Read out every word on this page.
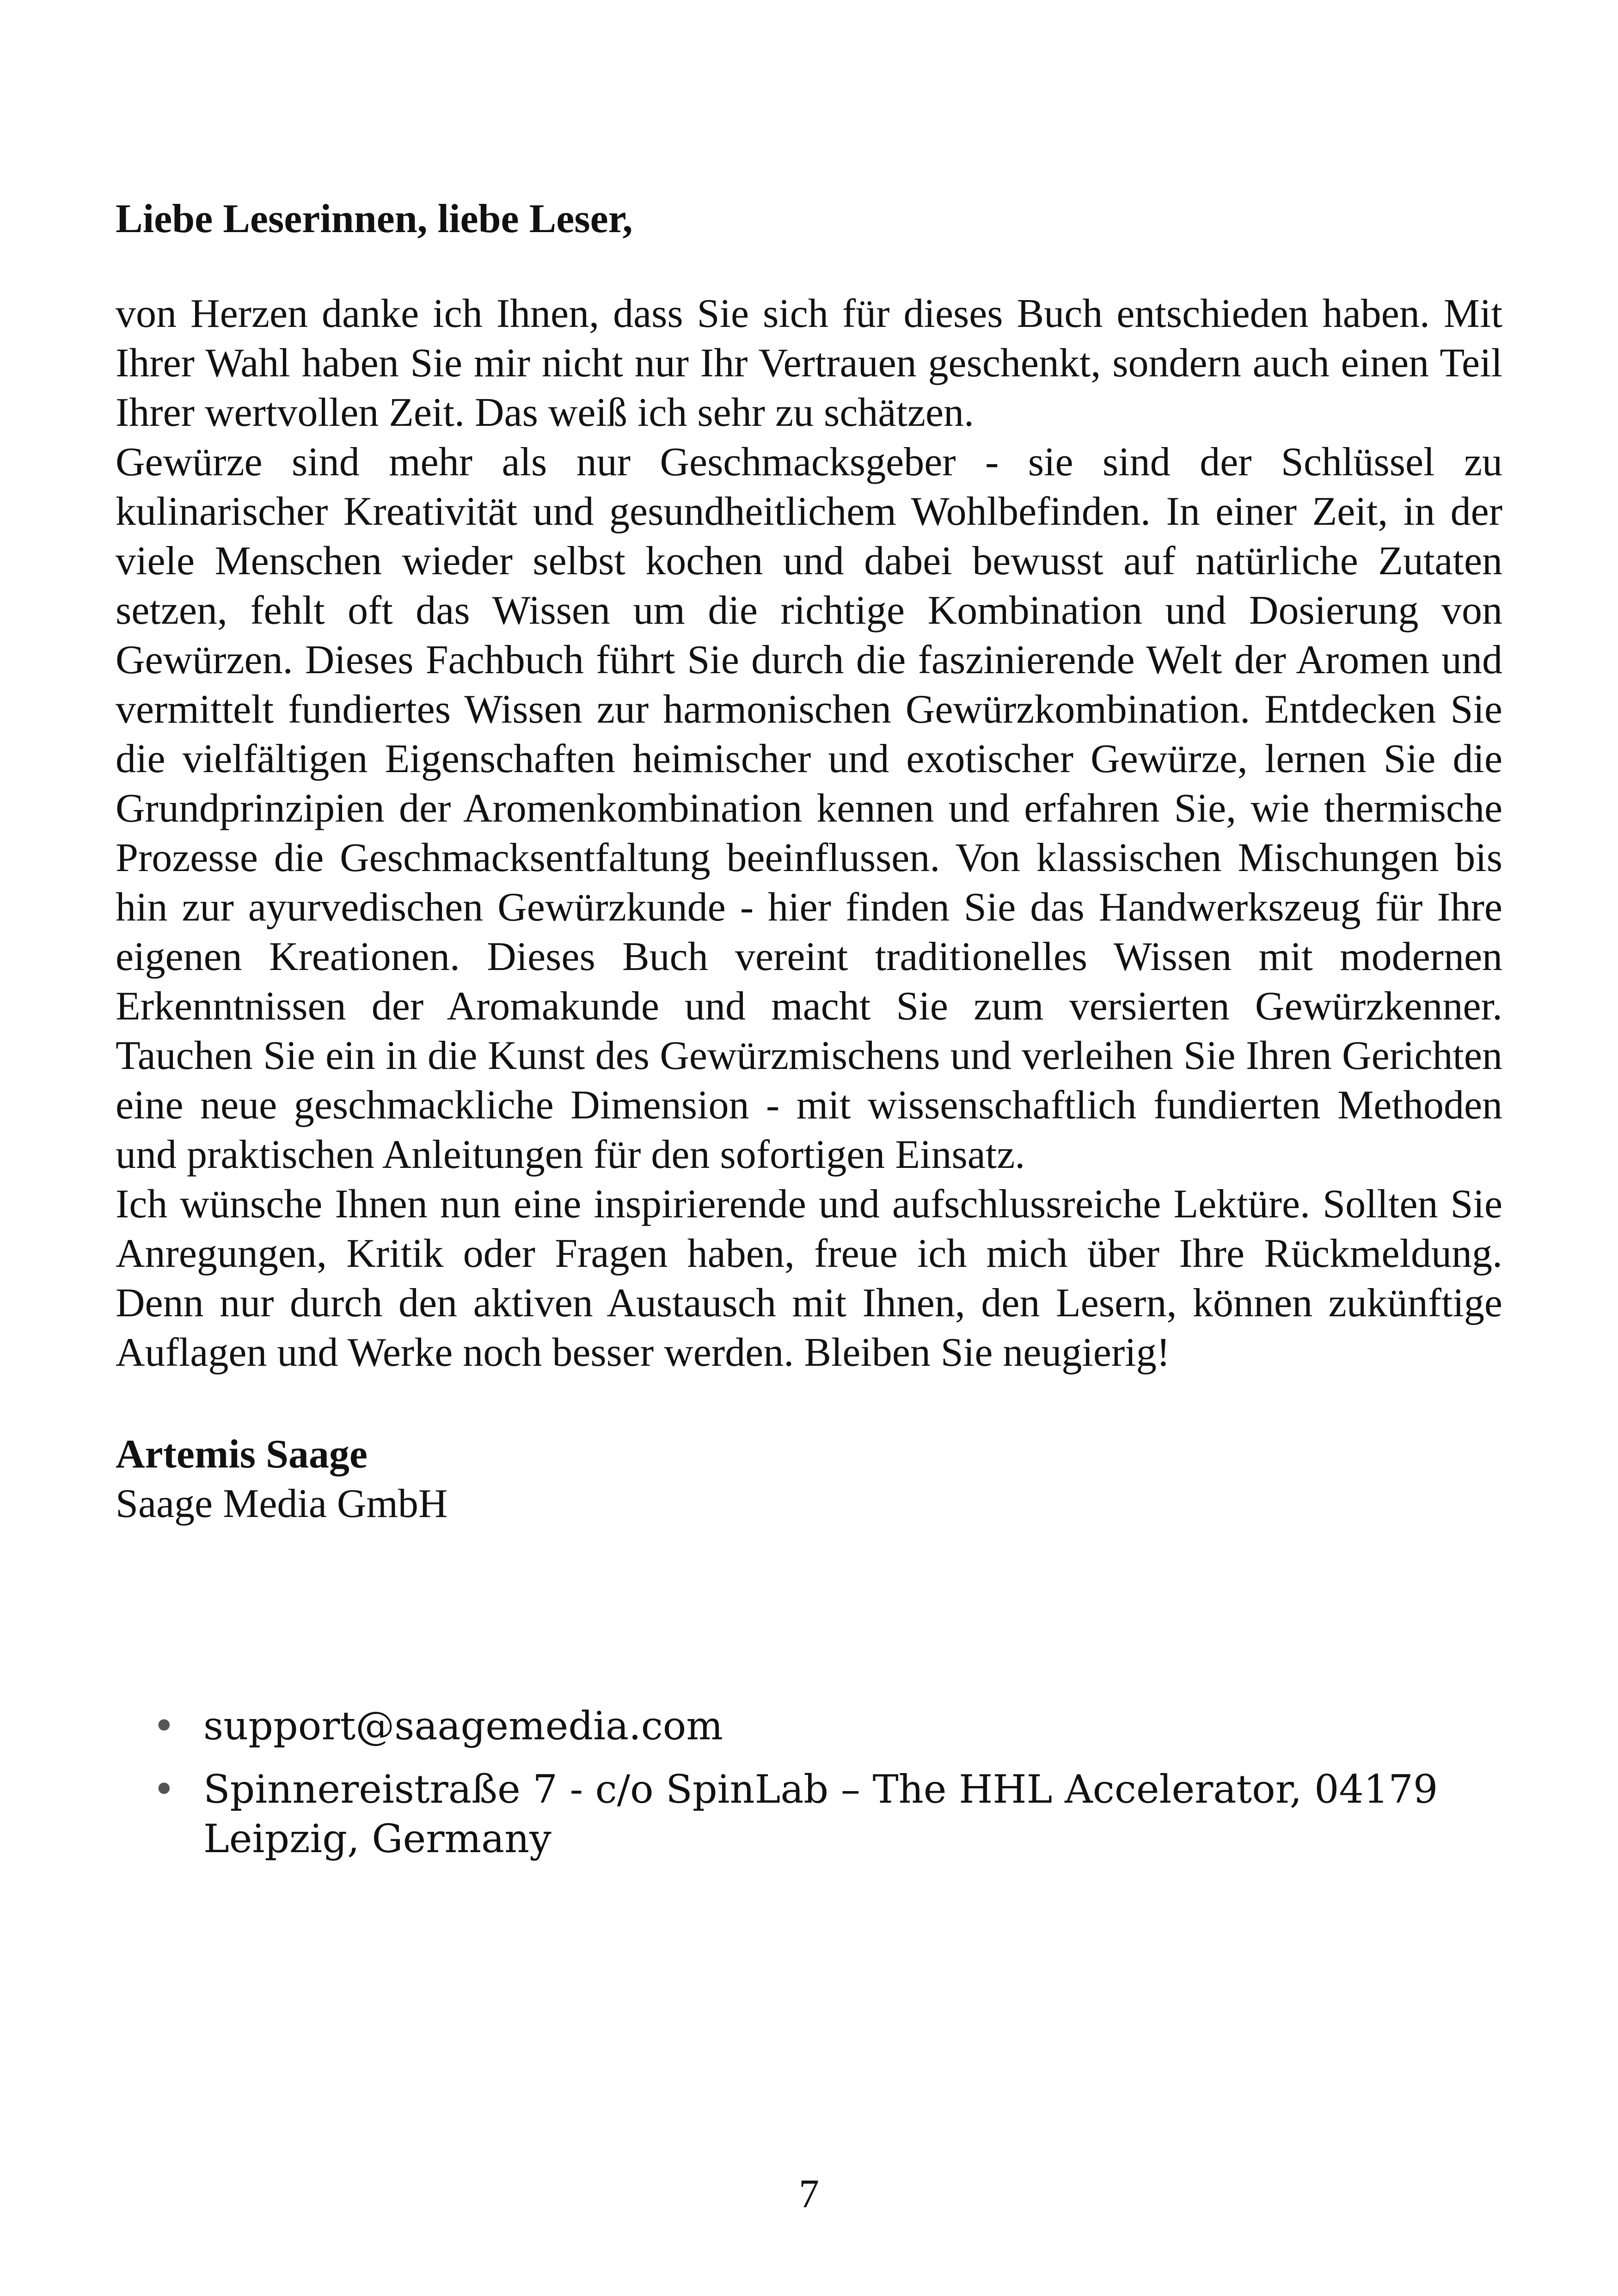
Liebe Leserinnen, liebe Leser,

von Herzen danke ich Ihnen, dass Sie sich für dieses Buch entschieden haben. Mit Ihrer Wahl haben Sie mir nicht nur Ihr Vertrauen geschenkt, sondern auch einen Teil Ihrer wertvollen Zeit. Das weiß ich sehr zu schätzen.

Gewürze sind mehr als nur Geschmacksgeber - sie sind der Schlüssel zu kulinarischer Kreativität und gesundheitlichem Wohlbefinden. In einer Zeit, in der viele Menschen wieder selbst kochen und dabei bewusst auf natürliche Zutaten setzen, fehlt oft das Wissen um die richtige Kombination und Dosierung von Gewürzen. Dieses Fachbuch führt Sie durch die faszinierende Welt der Aromen und vermittelt fundiertes Wissen zur harmonischen Gewürzkombination. Entdecken Sie die vielfältigen Eigenschaften heimischer und exotischer Gewürze, lernen Sie die Grundprinzipien der Aromenkombination kennen und erfahren Sie, wie thermische Prozesse die Geschmacksentfaltung beeinflussen. Von klassischen Mischungen bis hin zur ayurvedischen Gewürzkunde - hier finden Sie das Handwerkszeug für Ihre eigenen Kreationen. Dieses Buch vereint traditionelles Wissen mit modernen Erkenntnissen der Aromakunde und macht Sie zum versierten Gewürzkenner. Tauchen Sie ein in die Kunst des Gewürzmischens und verleihen Sie Ihren Gerichten eine neue geschmackliche Dimension - mit wissenschaftlich fundierten Methoden und praktischen Anleitungen für den sofortigen Einsatz.

Ich wünsche Ihnen nun eine inspirierende und aufschlussreiche Lektüre. Sollten Sie Anregungen, Kritik oder Fragen haben, freue ich mich über Ihre Rückmeldung. Denn nur durch den aktiven Austausch mit Ihnen, den Lesern, können zukünftige Auflagen und Werke noch besser werden. Bleiben Sie neugierig!

Artemis Saage

Saage Media GmbH

• support@saagemedia.com
• Spinnereistraße 7 - c/o SpinLab – The HHL Accelerator, 04179 Leipzig, Germany
7
